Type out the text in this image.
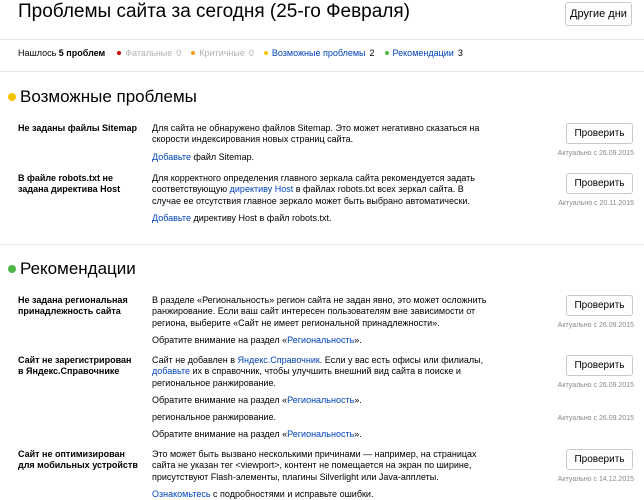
Проблемы сайта за сегодня (25-го Февраля)	Другие дни
Нашлось 5 проблем Фатальные 0 Критичные 0 Возможные проблемы 2 Рекомендации 3
Возможные проблемы
Не заданы файлы Sitemap Для сайта не обнаружено файлов Sitemap. Это может негативно сказаться на скорости индексирования новых страниц сайта.

Добавьте файл Sitemap.

Проверить
Актуально с 26.09.2015
В файле robots.txt не задана директива Host

Для корректного определения главного зеркала сайта рекомендуется задать соответствующую директиву Host в файлах robots.txt всех зеркал сайта. В случае ее отсутствия главное зеркало может быть выбрано автоматически.

Добавьте директиву Host в файл robots.txt.

Проверить
Актуально с 20.11.2015
Рекомендации
Не задана региональная принадлежность сайта

В разделе «Региональность» регион сайта не задан явно, это может осложнить ранжирование. Если ваш сайт интересен пользователям вне зависимости от региона, выберите «Сайт не имеет региональной принадлежности».

Обратите внимание на раздел «Региональность».

Проверить
Актуально с 26.09.2015
Сайт не зарегистрирован в Яндекс.Справочнике

Сайт не добавлен в Яндекс.Справочник. Если у вас есть офисы или филиалы, добавьте их в справочник, чтобы улучшить внешний вид сайта в поиске и региональное ранжирование.

Обратите внимание на раздел «Региональность».

региональное ранжирование.

Обратите внимание на раздел «Региональность».

Проверить
Актуально с 26.09.2015
Актуально с 26.09.2015
Сайт не оптимизирован для мобильных устройств

Это может быть вызвано несколькими причинами — например, на страницах сайта не указан тег <viewport>, контент не помещается на экран по ширине, присутствуют Flash-элементы, плагины Silverlight или Java-апплеты.

Ознакомьтесь с подробностями и исправьте ошибки.

Проверить
Актуально с 14.12.2015
